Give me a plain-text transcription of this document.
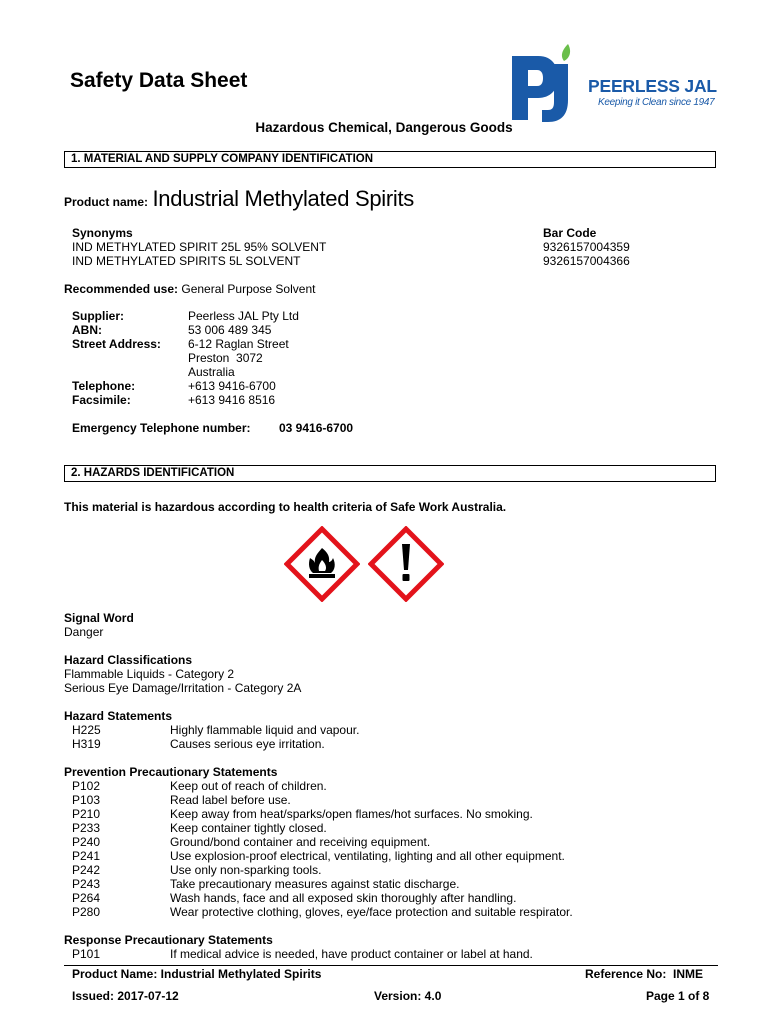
Safety Data Sheet	PEERLESS JAL
Keeping it Clean since 1947
Hazardous Chemical, Dangerous Goods
1. MATERIAL AND SUPPLY COMPANY IDENTIFICATION
Product name: Industrial Methylated Spirits
Synonyms	Bar Code
IND METHYLATED SPIRIT 25L 95% SOLVENT	9326157004359
IND METHYLATED SPIRITS 5L SOLVENT	9326157004366
Recommended use: General Purpose Solvent
Supplier:	Peerless JAL Pty Ltd
ABN:	53 006 489 345
Street Address: 6-12 Raglan Street
Preston  3072
Australia
Telephone:	+613 9416-6700
Facsimile:	+613 9416 8516
Emergency Telephone number: 03 9416-6700
2. HAZARDS IDENTIFICATION
This material is hazardous according to health criteria of Safe Work Australia.
Signal Word
Danger
Hazard Classifications
Flammable Liquids - Category 2
Serious Eye Damage/Irritation - Category 2A
Hazard Statements
H225	Highly flammable liquid and vapour.
H319	Causes serious eye irritation.
Prevention Precautionary Statements
P102	Keep out of reach of children.
P103	Read label before use.
P210	Keep away from heat/sparks/open flames/hot surfaces. No smoking.
P233	Keep container tightly closed.
P240	Ground/bond container and receiving equipment.
P241	Use explosion-proof electrical, ventilating, lighting and all other equipment.
P242	Use only non-sparking tools.
P243	Take precautionary measures against static discharge.
P264	Wash hands, face and all exposed skin thoroughly after handling.
P280	Wear protective clothing, gloves, eye/face protection and suitable respirator.
Response Precautionary Statements
P101	If medical advice is needed, have product container or label at hand.
Product Name: Industrial Methylated Spirits	Reference No:  INME
Issued: 2017-07-12	Version: 4.0	Page 1 of 8
